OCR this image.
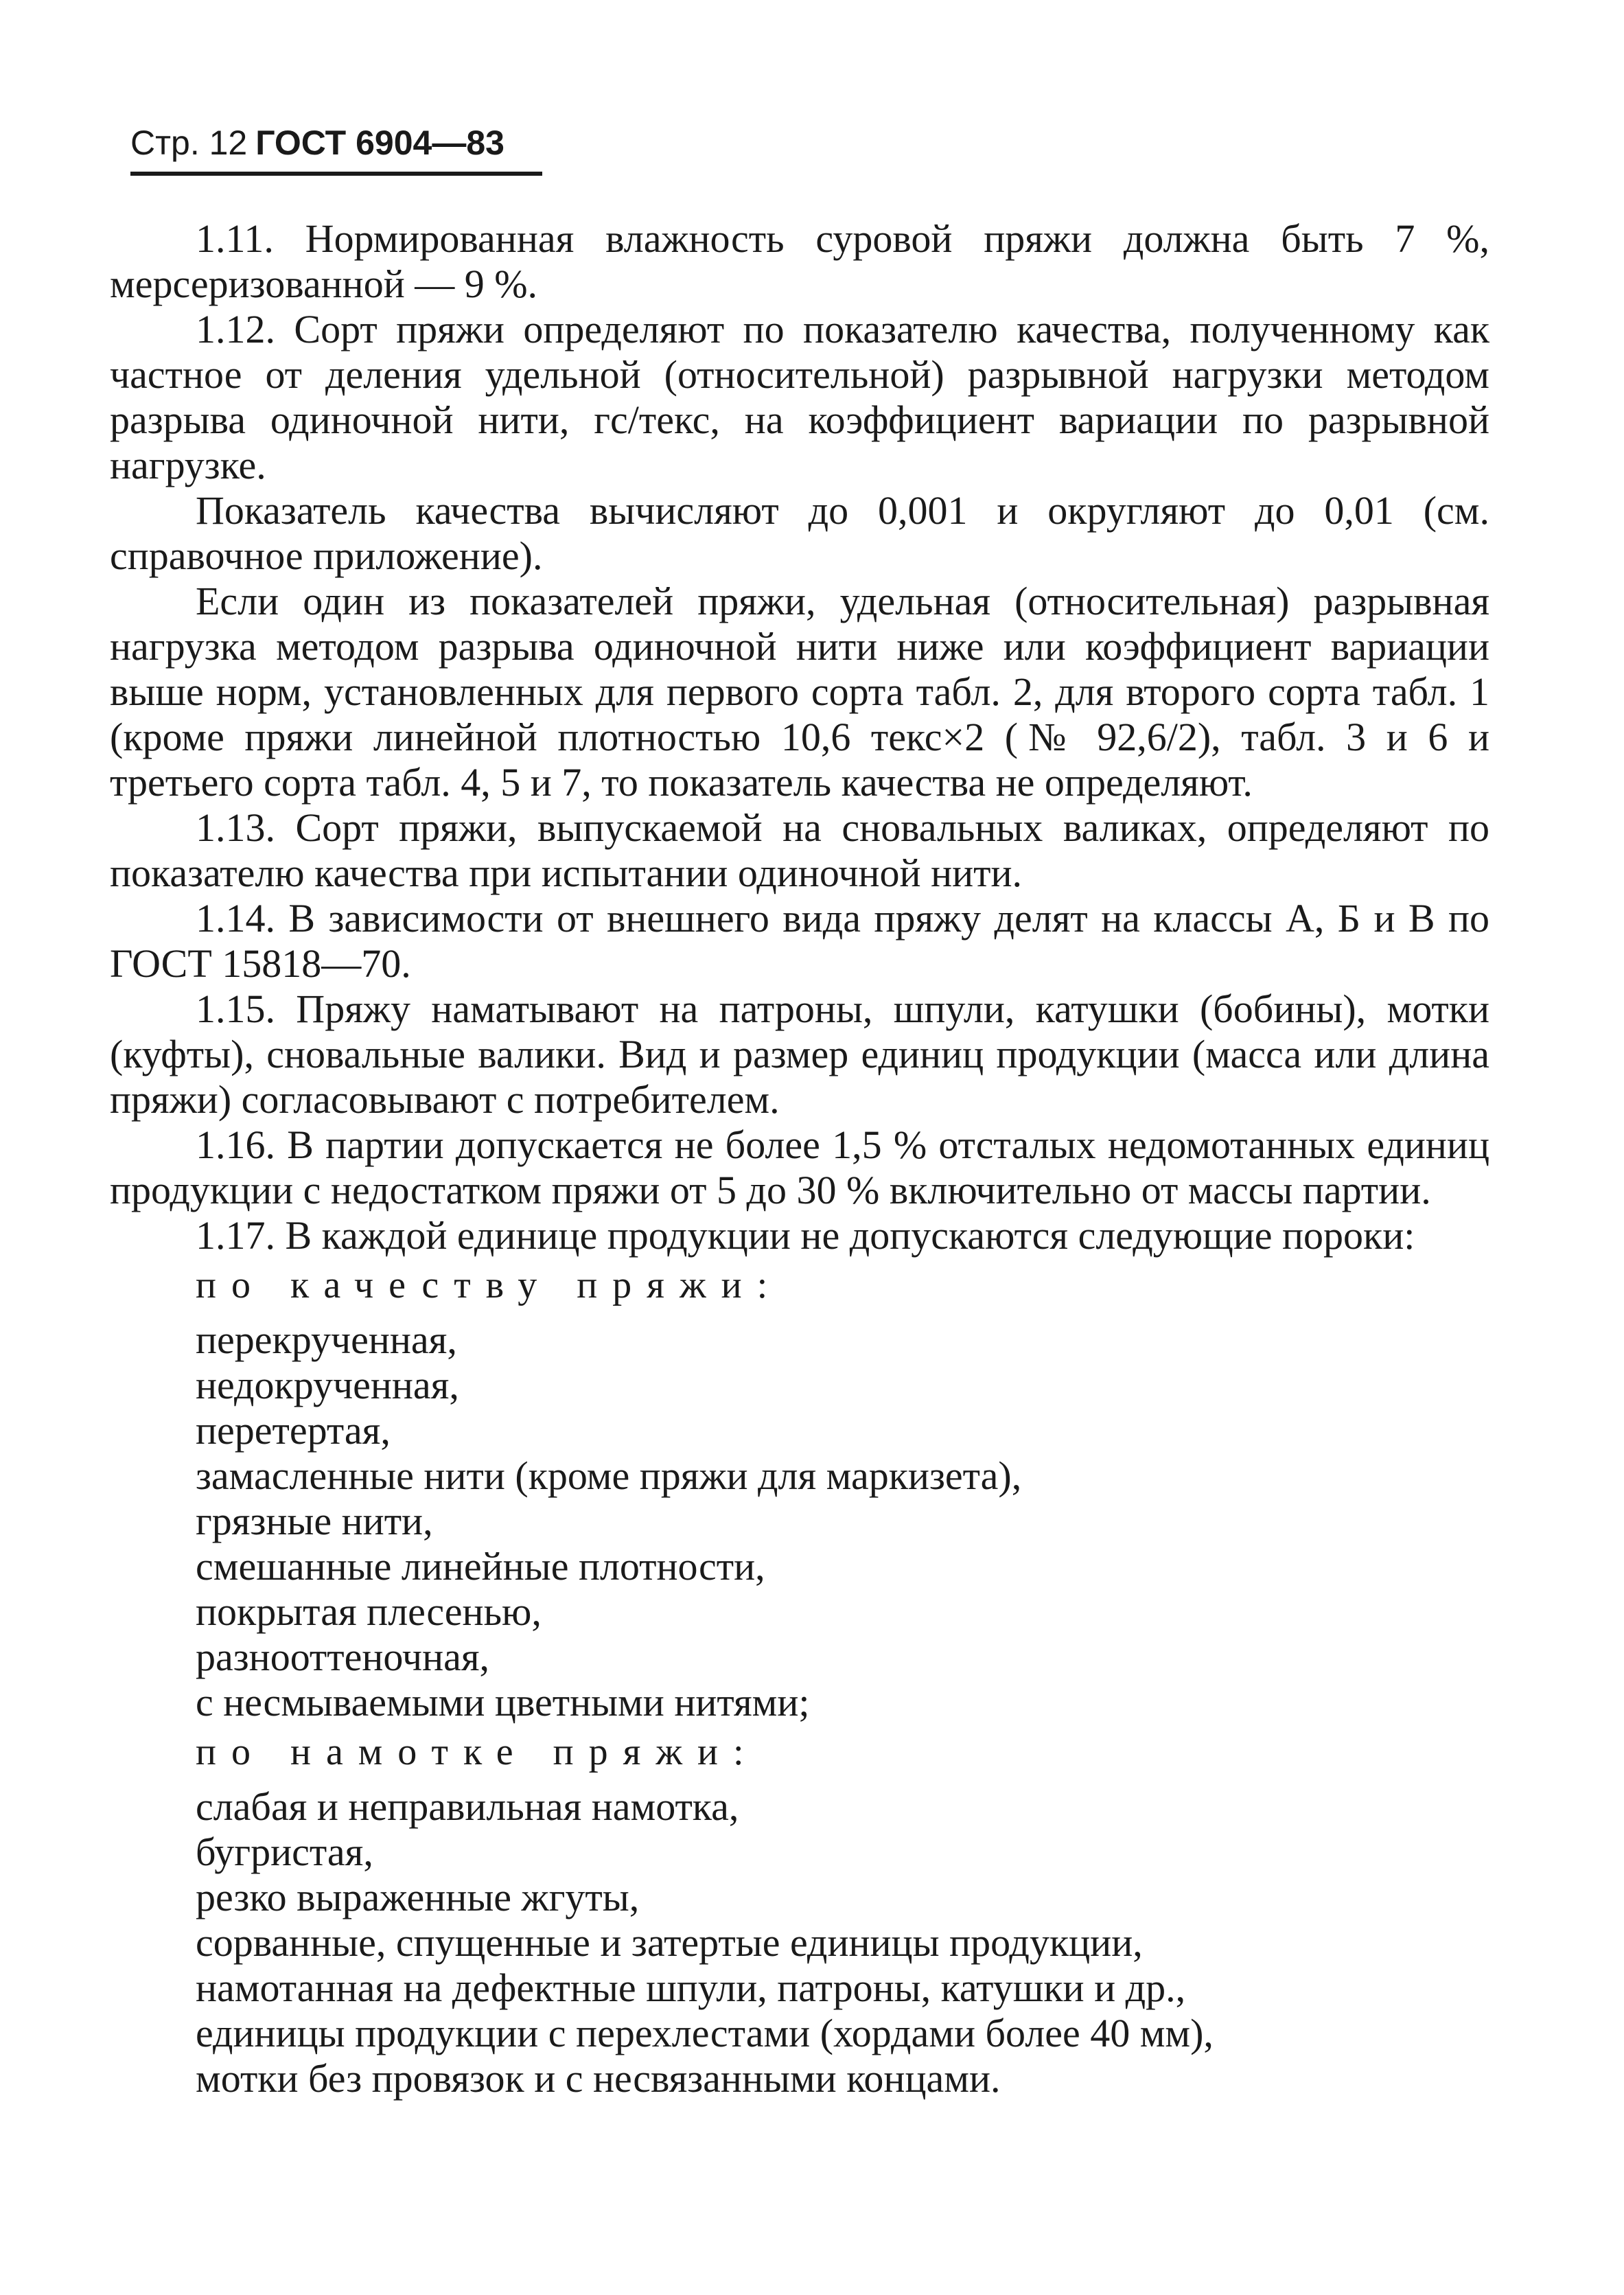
Стр. 12 ГОСТ 6904—83

1.11. Нормированная влажность суровой пряжи должна быть 7 %, мерсеризованной — 9 %.

1.12. Сорт пряжи определяют по показателю качества, полученному как частное от деления удельной (относительной) разрывной нагрузки методом разрыва одиночной нити, гс/текс, на коэффициент вариации по разрывной нагрузке.

Показатель качества вычисляют до 0,001 и округляют до 0,01 (см. справочное приложение).

Если один из показателей пряжи, удельная (относительная) разрывная нагрузка методом разрыва одиночной нити ниже или коэффициент вариации выше норм, установленных для первого сорта табл. 2, для второго сорта табл. 1 (кроме пряжи линейной плотностью 10,6 текс×2 (№ 92,6/2), табл. 3 и 6 и третьего сорта табл. 4, 5 и 7, то показатель качества не определяют.

1.13. Сорт пряжи, выпускаемой на сновальных валиках, определяют по показателю качества при испытании одиночной нити.

1.14. В зависимости от внешнего вида пряжу делят на классы А, Б и В по ГОСТ 15818—70.

1.15. Пряжу наматывают на патроны, шпули, катушки (бобины), мотки (куфты), сновальные валики. Вид и размер единиц продукции (масса или длина пряжи) согласовывают с потребителем.

1.16. В партии допускается не более 1,5 % отсталых недомотанных единиц продукции с недостатком пряжи от 5 до 30 % включительно от массы партии.

1.17. В каждой единице продукции не допускаются следующие пороки:

по качеству пряжи:
перекрученная,
недокрученная,
перетертая,
замасленные нити (кроме пряжи для маркизета),
грязные нити,
смешанные линейные плотности,
покрытая плесенью,
разнооттеночная,
с несмываемыми цветными нитями;
по намотке пряжи:
слабая и неправильная намотка,
бугристая,
резко выраженные жгуты,
сорванные, спущенные и затертые единицы продукции,
намотанная на дефектные шпули, патроны, катушки и др.,
единицы продукции с перехлестами (хордами более 40 мм),
мотки без провязок и с несвязанными концами.
